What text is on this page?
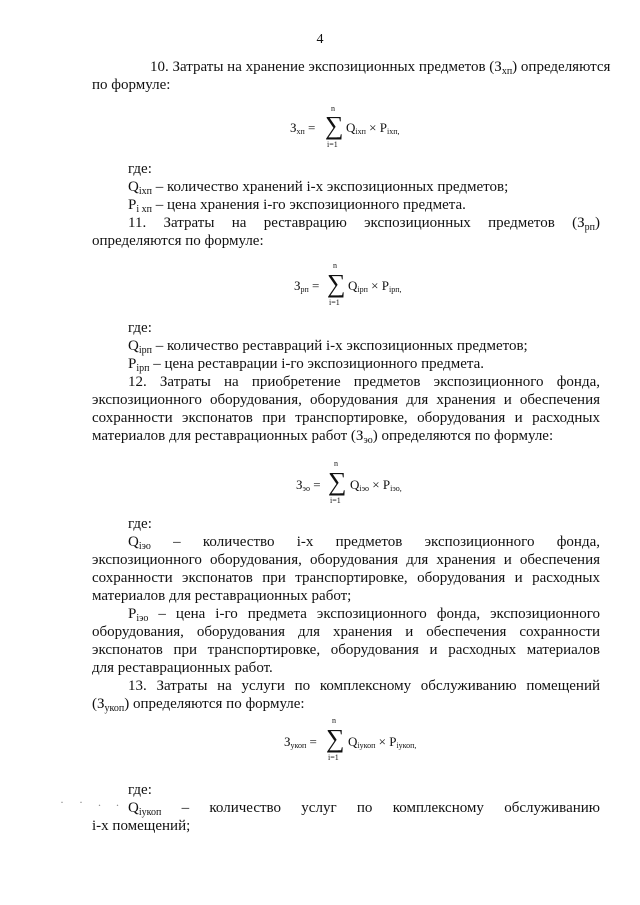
4
10. Затраты на хранение экспозиционных предметов $(З_{хп})$ определяются
по формуле:
Зхп =
n
∑
i=1
Qiхп × Piхп,
где:
$Q_{iхп}$ – количество хранений i-х экспозиционных предметов;
$P_{i хп}$ – цена хранения i-го экспозиционного предмета.
11. Затраты на реставрацию экспозиционных предметов $(З_{рп})$
определяются по формуле:
Зрп =
n
∑
i=1
Qiрп × Piрп,
где:
$Q_{iрп}$ – количество реставраций i-х экспозиционных предметов;
$P_{iрп}$ – цена реставрации i-го экспозиционного предмета.
12. Затраты на приобретение предметов экспозиционного фонда,
экспозиционного оборудования, оборудования для хранения и обеспечения
сохранности экспонатов при транспортировке, оборудования и расходных
материалов для реставрационных работ $(З_{эо})$ определяются по формуле:
Зэо =
n
∑
i=1
Qiэо × Piэо,
где:
$Q_{iэо}$ – количество i-х предметов экспозиционного фонда,
экспозиционного оборудования, оборудования для хранения и обеспечения
сохранности экспонатов при транспортировке, оборудования и расходных
материалов для реставрационных работ;
$P_{iэо}$ – цена i-го предмета экспозиционного фонда, экспозиционного
оборудования, оборудования для хранения и обеспечения сохранности
экспонатов при транспортировке, оборудования и расходных материалов
для реставрационных работ.
13. Затраты на услуги по комплексному обслуживанию помещений
$(З_{укоп})$ определяются по формуле:
Зукоп =
n
∑
i=1
Qiукоп × Piукоп,
· · . .
где:
$Q_{iукоп}$ – количество услуг по комплексному обслуживанию
i-х помещений;
